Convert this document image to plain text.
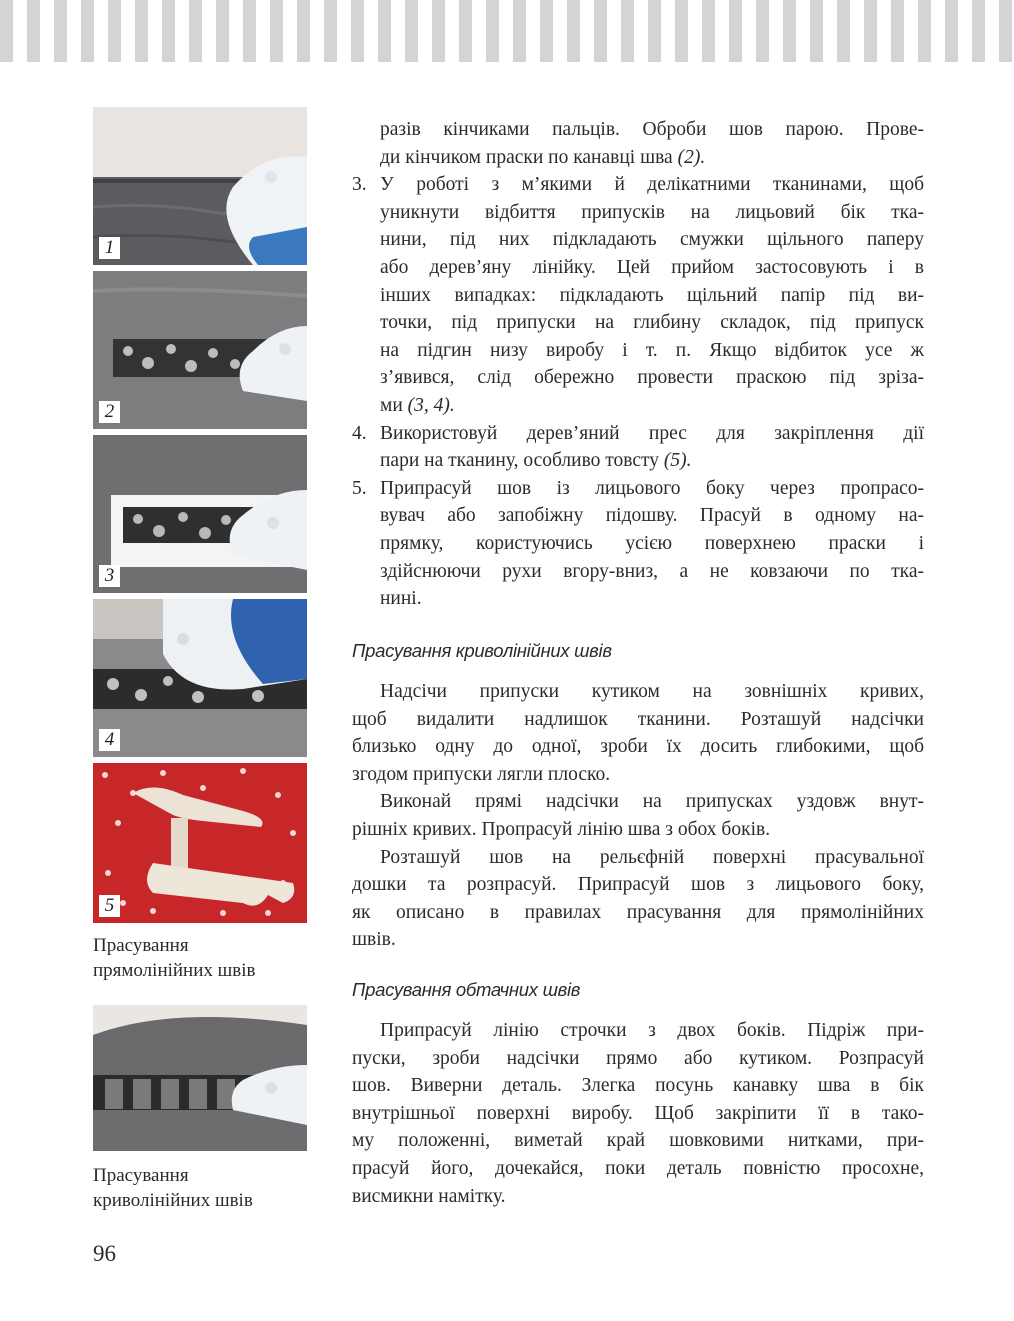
1
2
3
4
5
Прасування
прямолінійних швів
Прасування
криволінійних швів
разів кінчиками пальців. Оброби шов парою. Прове-
ди кінчиком праски по канавці шва (2).
3. У роботі з м’якими й делікатними тканинами, щоб
уникнути відбиття припусків на лицьовий бік тка-
нини, під них підкладають смужки щільного паперу
або дерев’яну лінійку. Цей прийом застосовують і в
інших випадках: підкладають щільний папір під ви-
точки, під припуски на глибину складок, під припуск
на підгин низу виробу і т. п. Якщо відбиток усе ж
з’явився, слід обережно провести праскою під зріза-
ми (3, 4).
4. Використовуй дерев’яний прес для закріплення дії
пари на тканину, особливо товсту (5).
5. Припрасуй шов із лицьового боку через пропрасо-
вувач або запобіжну підошву. Прасуй в одному на-
прямку, користуючись усією поверхнею праски і
здійснюючи рухи вгору-вниз, а не ковзаючи по тка-
нині.
Прасування криволінійних швів
Надсічи припуски кутиком на зовнішніх кривих,
щоб видалити надлишок тканини. Розташуй надсічки
близько одну до одної, зроби їх досить глибокими, щоб
згодом припуски лягли плоско.
Виконай прямі надсічки на припусках уздовж внут-
рішніх кривих. Пропрасуй лінію шва з обох боків.
Розташуй шов на рельєфній поверхні прасувальної
дошки та розпрасуй. Припрасуй шов з лицьового боку,
як описано в правилах прасування для прямолінійних
швів.
Прасування обтачних швів
Припрасуй лінію строчки з двох боків. Підріж при-
пуски, зроби надсічки прямо або кутиком. Розпрасуй
шов. Виверни деталь. Злегка посунь канавку шва в бік
внутрішньої поверхні виробу. Щоб закріпити її в тако-
му положенні, виметай край шовковими нитками, при-
прасуй його, дочекайся, поки деталь повністю просохне,
висмикни намітку.
96
